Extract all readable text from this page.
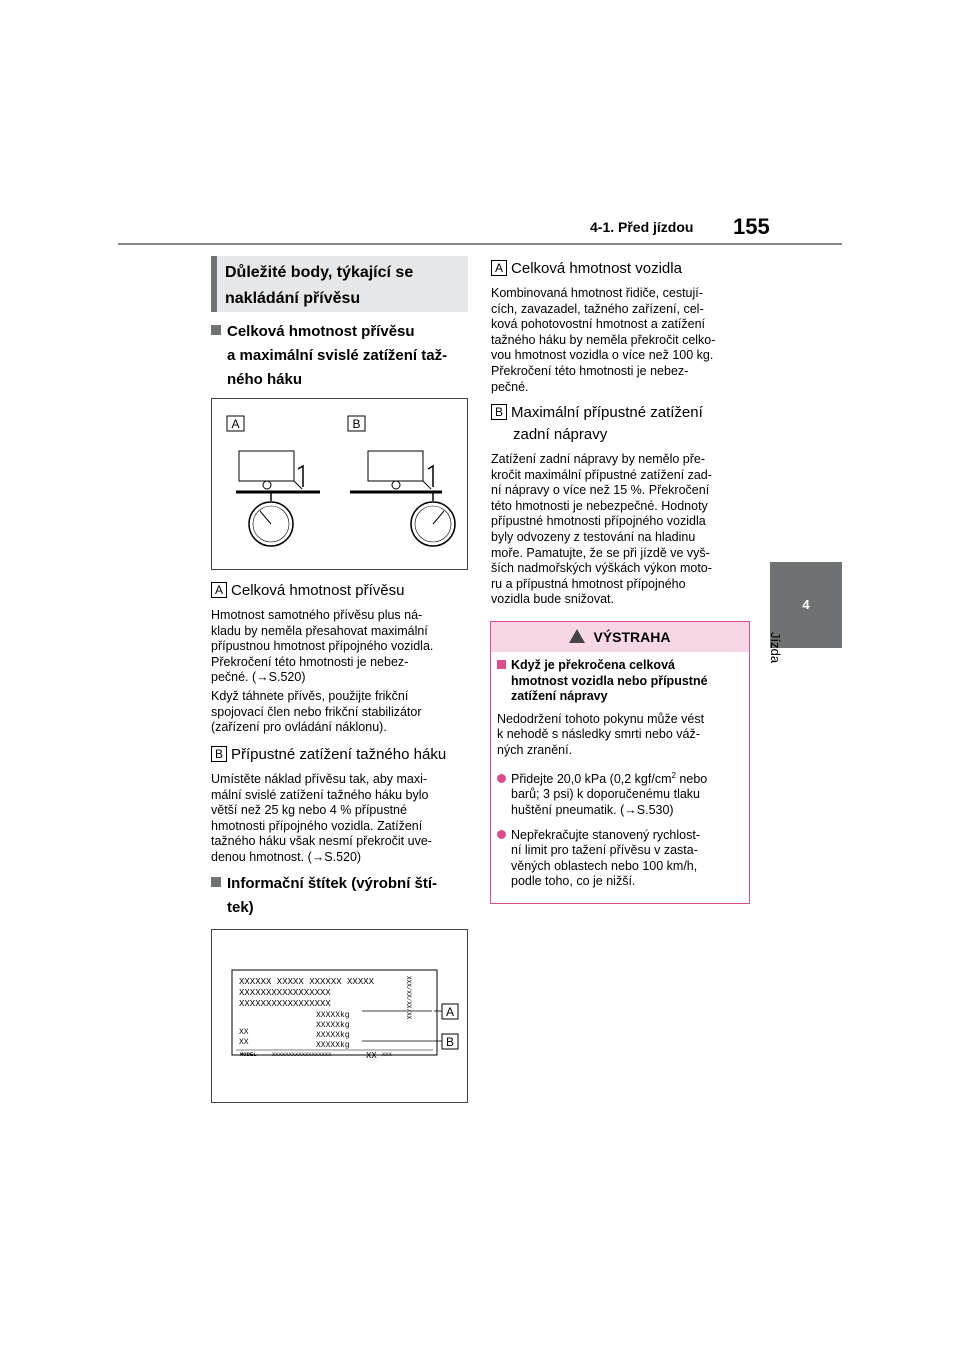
4-1. Před jízdou 155
4
Jízda
Důležité body, týkající se
nakládání přívěsu
Celková hmotnost přívěsu
a maximální svislé zatížení taž-
ného háku
A	B
A Celková hmotnost přívěsu
Hmotnost samotného přívěsu plus ná-
kladu by neměla přesahovat maximální
přípustnou hmotnost přípojného vozidla.
Překročení této hmotnosti je nebez-
pečné. (→S.520)
Když táhnete přívěs, použijte frikční
spojovací člen nebo frikční stabilizátor
(zařízení pro ovládání náklonu).
B Přípustné zatížení tažného háku
Umístěte náklad přívěsu tak, aby maxi-
mální svislé zatížení tažného háku bylo
větší než 25 kg nebo 4 % přípustné
hmotnosti přípojného vozidla. Zatížení
tažného háku však nesmí překročit uve-
denou hmotnost. (→S.520)
Informační štítek (výrobní ští-
tek)
XXXXXX XXXXX XXXXXX XXXXX
XXXXXXXXXXXXXXXXX
XXXXXXXXXXXXXXXXX
XXXXXkg
XXXXXkg
XXXXXkg
XXXXXkg
XX
XX
MODEL	XXXXXXXXXXXXXXXXXX	XX XXX
XXX/XX/XX/XX	A
B
A Celková hmotnost vozidla
Kombinovaná hmotnost řidiče, cestují-
cích, zavazadel, tažného zařízení, cel-
ková pohotovostní hmotnost a zatížení
tažného háku by neměla překročit celko-
vou hmotnost vozidla o více než 100 kg.
Překročení této hmotnosti je nebez-
pečné.
B Maximální přípustné zatížení
zadní nápravy
Zatížení zadní nápravy by nemělo pře-
kročit maximální přípustné zatížení zad-
ní nápravy o více než 15 %. Překročení
této hmotnosti je nebezpečné. Hodnoty
přípustné hmotnosti přípojného vozidla
byly odvozeny z testování na hladinu
moře. Pamatujte, že se při jízdě ve vyš-
ších nadmořských výškách výkon moto-
ru a přípustná hmotnost přípojného
vozidla bude snižovat.
VÝSTRAHA
Když je překročena celková
hmotnost vozidla nebo přípustné
zatížení nápravy
Nedodržení tohoto pokynu může vést
k nehodě s následky smrti nebo váž-
ných zranění.
Přidejte 20,0 kPa (0,2 kgf/$cm^2$ nebo
barů; 3 psi) k doporučenému tlaku
huštění pneumatik. (→S.530)
Nepřekračujte stanovený rychlost-
ní limit pro tažení přívěsu v zasta-
věných oblastech nebo 100 km/h,
podle toho, co je nižší.
